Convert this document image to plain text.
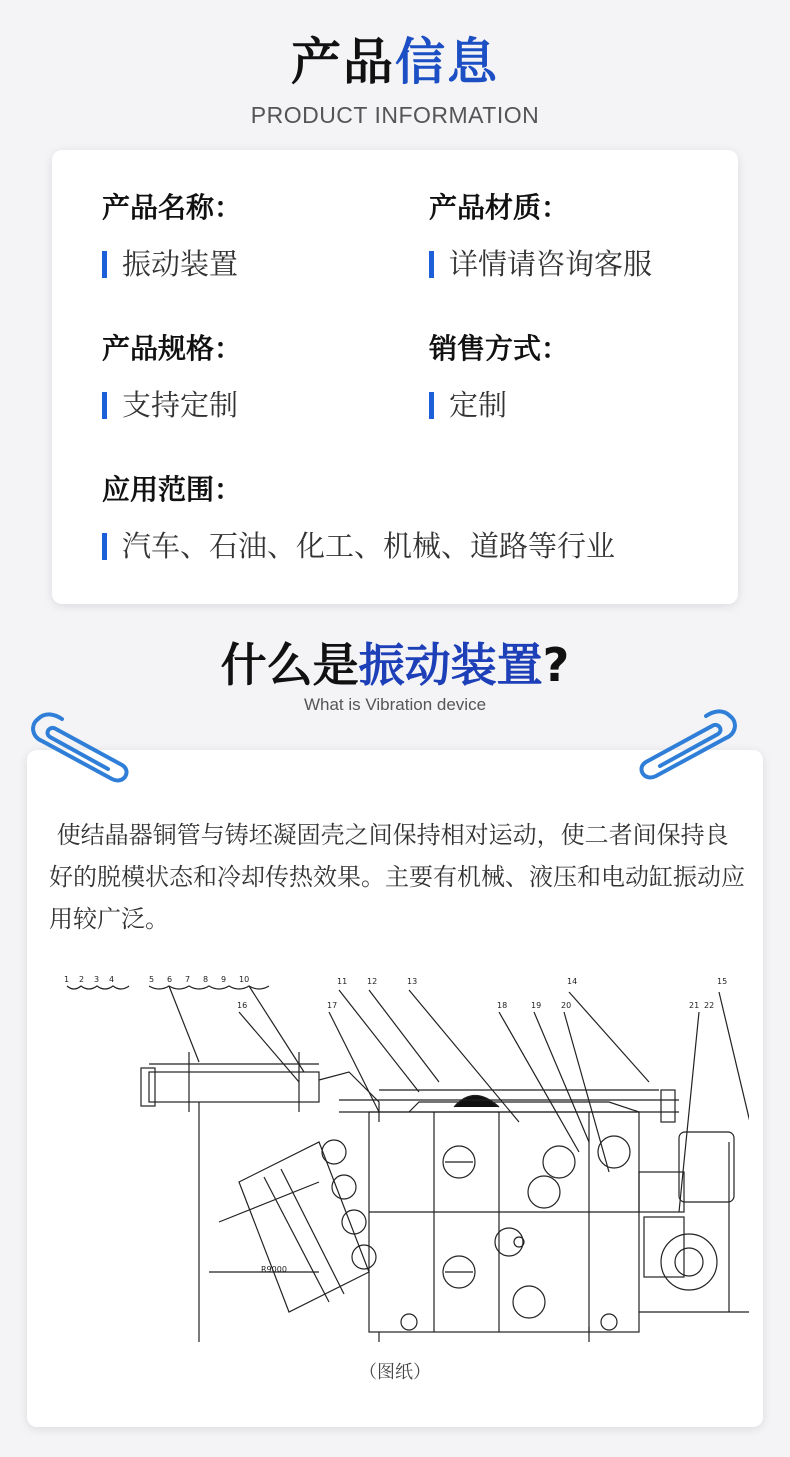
产品信息
PRODUCT INFORMATION
产品名称：
振动装置
产品材质：
详情请咨询客服
产品规格：
支持定制
销售方式：
定制
应用范围：
汽车、石油、化工、机械、道路等行业
什么是振动装置?
What is Vibration device
使结晶器铜管与铸坯凝固壳之间保持相对运动，使二者间保持良好的脱模状态和冷却传热效果。主要有机械、液压和电动缸振动应用较广泛。
1 2 3 4	5 6 7 8 9 10	11 12	13	14	15
16	17	18	19 20	21 22
R9000
（图纸）
